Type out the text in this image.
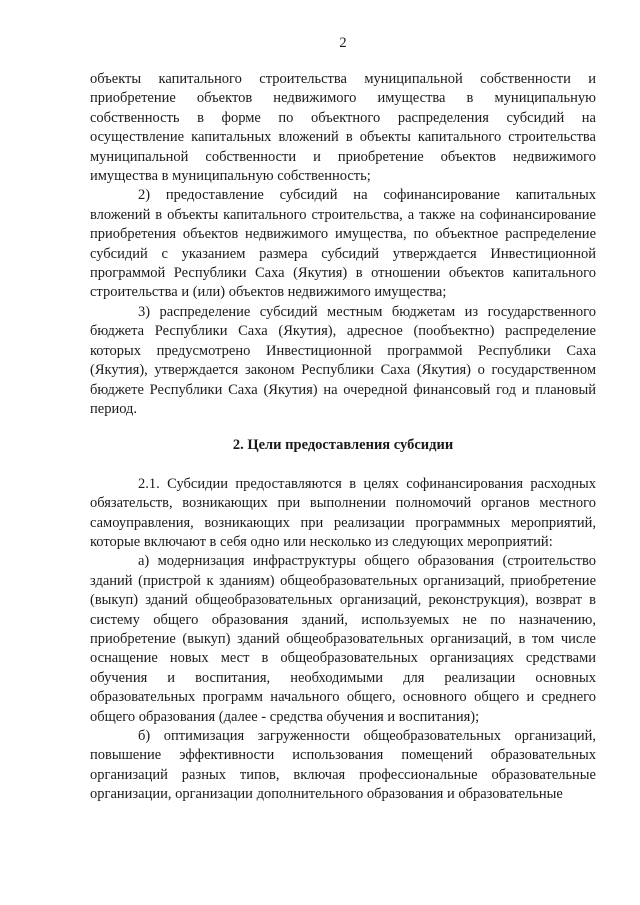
2

объекты капитального строительства муниципальной собственности и приобретение объектов недвижимого имущества в муниципальную собственность в форме по объектного распределения субсидий на осуществление капитальных вложений в объекты капитального строительства муниципальной собственности и приобретение объектов недвижимого имущества в муниципальную собственность;

2) предоставление субсидий на софинансирование капитальных вложений в объекты капитального строительства, а также на софинансирование приобретения объектов недвижимого имущества, по объектное распределение субсидий с указанием размера субсидий утверждается Инвестиционной программой Республики Саха (Якутия) в отношении объектов капитального строительства и (или) объектов недвижимого имущества;

3) распределение субсидий местным бюджетам из государственного бюджета Республики Саха (Якутия), адресное (пообъектно) распределение которых предусмотрено Инвестиционной программой Республики Саха (Якутия), утверждается законом Республики Саха (Якутия) о государственном бюджете Республики Саха (Якутия) на очередной финансовый год и плановый период.

2. Цели предоставления субсидии

2.1. Субсидии предоставляются в целях софинансирования расходных обязательств, возникающих при выполнении полномочий органов местного самоуправления, возникающих при реализации программных мероприятий, которые включают в себя одно или несколько из следующих мероприятий:

а) модернизация инфраструктуры общего образования (строительство зданий (пристрой к зданиям) общеобразовательных организаций, приобретение (выкуп) зданий общеобразовательных организаций, реконструкция), возврат в систему общего образования зданий, используемых не по назначению, приобретение (выкуп) зданий общеобразовательных организаций, в том числе оснащение новых мест в общеобразовательных организациях средствами обучения и воспитания, необходимыми для реализации основных образовательных программ начального общего, основного общего и среднего общего образования (далее - средства обучения и воспитания);

б) оптимизация загруженности общеобразовательных организаций, повышение эффективности использования помещений образовательных организаций разных типов, включая профессиональные образовательные организации, организации дополнительного образования и образовательные
